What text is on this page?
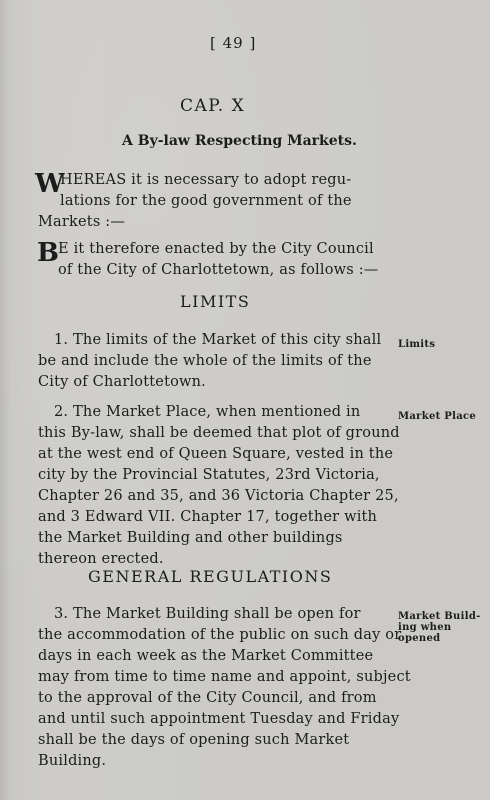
[ 49 ]
CAP. X
A By-law Respecting Markets.
W
HEREAS it is necessary to adopt regu-
lations for the good government of the
Markets :—
B E it therefore enacted by the City Council
of the City of Charlottetown, as follows :—
LIMITS
1. The limits of the Market of this city shall
be and include the whole of the limits of the
City of Charlottetown.
Limits
2. The Market Place, when mentioned in
this By-law, shall be deemed that plot of ground
at the west end of Queen Square, vested in the
city by the Provincial Statutes, 23rd Victoria,
Chapter 26 and 35, and 36 Victoria Chapter 25,
and 3 Edward VII. Chapter 17, together with
the Market Building and other buildings
thereon erected.
Market Place
GENERAL REGULATIONS
3. The Market Building shall be open for
the accommodation of the public on such day or
days in each week as the Market Committee
may from time to time name and appoint, subject
to the approval of the City Council, and from
and until such appointment Tuesday and Friday
shall be the days of opening such Market
Building.
Market Build-
ing when
opened
